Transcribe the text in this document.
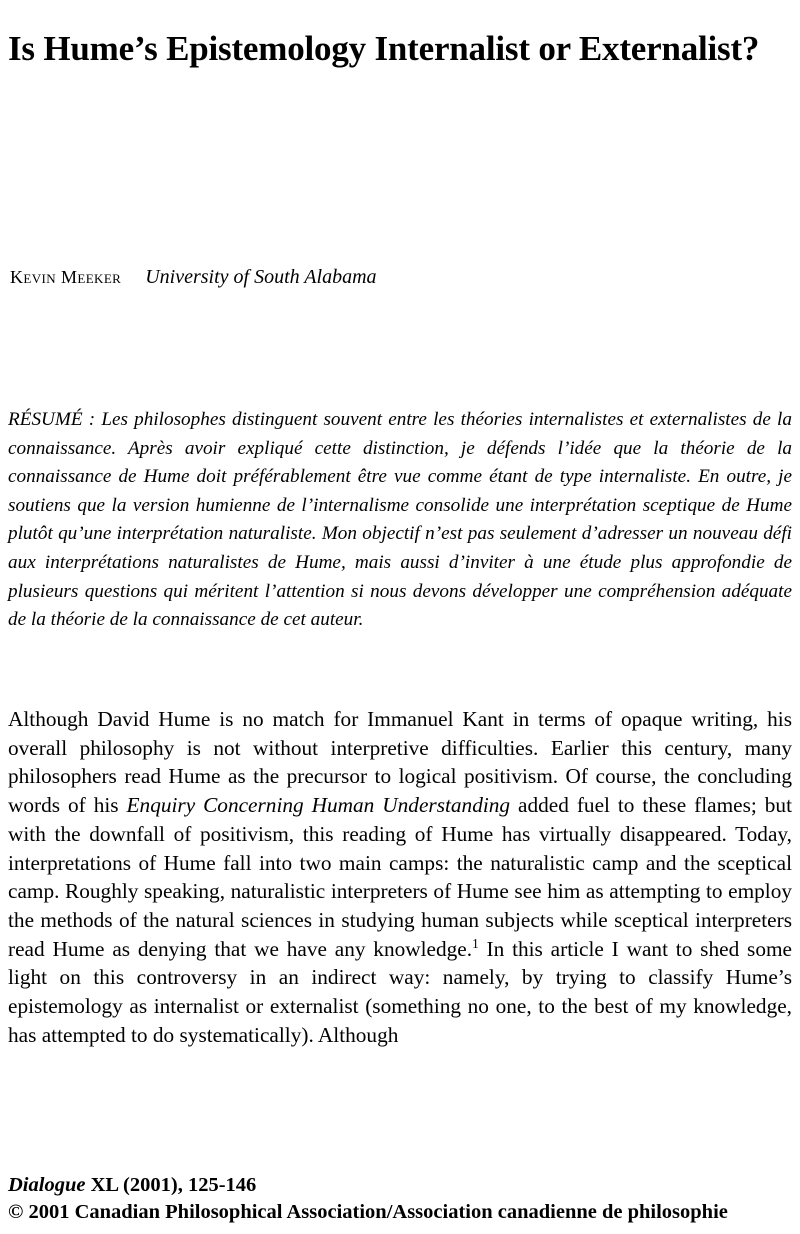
Is Hume’s Epistemology Internalist or Externalist?
Kevin Meeker University of South Alabama
RÉSUMÉ : Les philosophes distinguent souvent entre les théories internalistes et externalistes de la connaissance. Après avoir expliqué cette distinction, je défends l’idée que la théorie de la connaissance de Hume doit préférablement être vue comme étant de type internaliste. En outre, je soutiens que la version humienne de l’internalisme consolide une interprétation sceptique de Hume plutôt qu’une interprétation naturaliste. Mon objectif n’est pas seulement d’adresser un nouveau défi aux interprétations naturalistes de Hume, mais aussi d’inviter à une étude plus approfondie de plusieurs questions qui méritent l’attention si nous devons développer une compréhension adéquate de la théorie de la connaissance de cet auteur.
Although David Hume is no match for Immanuel Kant in terms of opaque writing, his overall philosophy is not without interpretive difficulties. Earlier this century, many philosophers read Hume as the precursor to logical positivism. Of course, the concluding words of his Enquiry Concerning Human Understanding added fuel to these flames; but with the downfall of positivism, this reading of Hume has virtually disappeared. Today, interpretations of Hume fall into two main camps: the naturalistic camp and the sceptical camp. Roughly speaking, naturalistic interpreters of Hume see him as attempting to employ the methods of the natural sciences in studying human subjects while sceptical interpreters read Hume as denying that we have any knowledge.$^1$ In this article I want to shed some light on this controversy in an indirect way: namely, by trying to classify Hume’s epistemology as internalist or externalist (something no one, to the best of my knowledge, has attempted to do systematically). Although
Dialogue XL (2001), 125-146
© 2001 Canadian Philosophical Association/Association canadienne de philosophie
